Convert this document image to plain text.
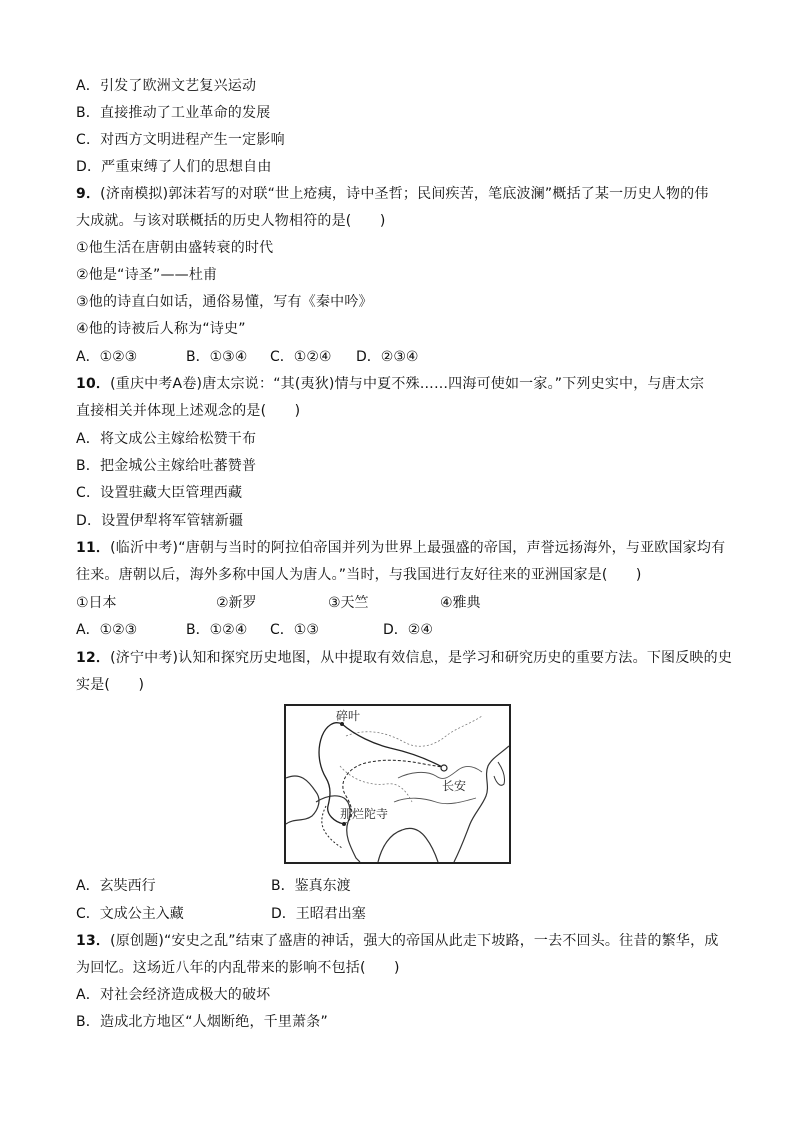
A．引发了欧洲文艺复兴运动
B．直接推动了工业革命的发展
C．对西方文明进程产生一定影响
D．严重束缚了人们的思想自由
9．(济南模拟)郭沫若写的对联“世上疮痍，诗中圣哲；民间疾苦，笔底波澜”概括了某一历史人物的伟
大成就。与该对联概括的历史人物相符的是(　　)
①他生活在唐朝由盛转衰的时代
②他是“诗圣”——杜甫
③他的诗直白如话，通俗易懂，写有《秦中吟》
④他的诗被后人称为“诗史”

A．①②③

	B．①③④

C．①②④

D．②③④

10．(重庆中考A卷)唐太宗说：“其(夷狄)情与中夏不殊……四海可使如一家。”下列史实中，与唐太宗
直接相关并体现上述观念的是(　　)
A．将文成公主嫁给松赞干布
B．把金城公主嫁给吐蕃赞普
C．设置驻藏大臣管理西藏
D．设置伊犁将军管辖新疆
11．(临沂中考)“唐朝与当时的阿拉伯帝国并列为世界上最强盛的帝国，声誉远扬海外，与亚欧国家均有
往来。唐朝以后，海外多称中国人为唐人。”当时，与我国进行友好往来的亚洲国家是(　　)

①日本

	②新罗

	③天竺

	④雅典

A．①②③

	B．①②④

C．①③

	D．②④

12．(济宁中考)认知和探究历史地图，从中提取有效信息，是学习和研究历史的重要方法。下图反映的史
实是(　　)
碎叶
长安
那烂陀寺

A．玄奘西行

	B．鉴真东渡

C．文成公主入藏

	D．王昭君出塞

13．(原创题)“安史之乱”结束了盛唐的神话，强大的帝国从此走下坡路，一去不回头。往昔的繁华，成
为回忆。这场近八年的内乱带来的影响不包括(　　)
A．对社会经济造成极大的破坏
B．造成北方地区“人烟断绝，千里萧条”
